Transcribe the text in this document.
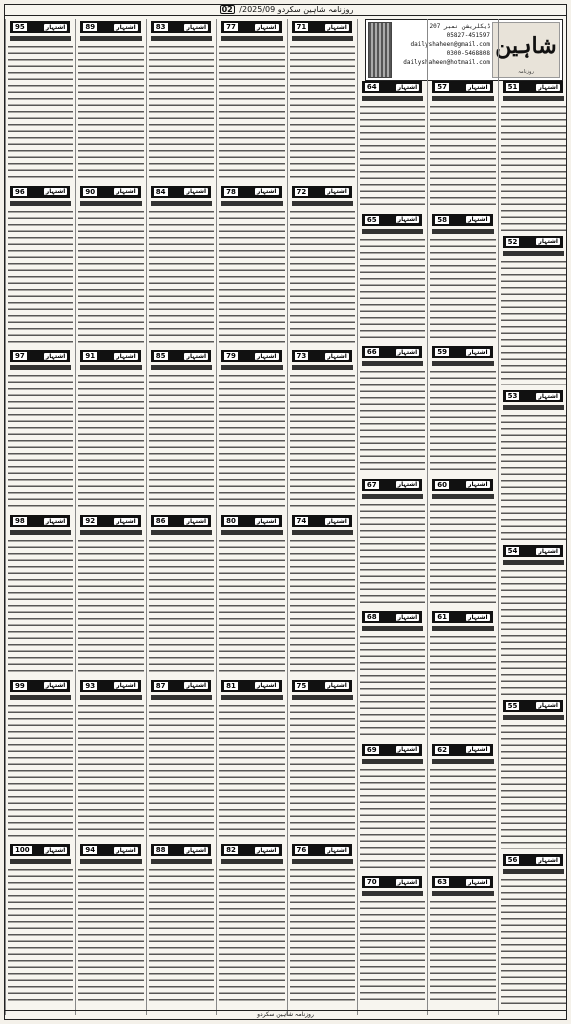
روزنامہ شاہین سکردو 2025/09/ 02
شاہین
روزنامہ
ڈیکلریشن نمبر 207
05827-451597
dailyshaheen@gmail.com
0300-5468808
dailyshaheen@hotmail.com
51	اشتہار
52	اشتہار
53	اشتہار
54	اشتہار
55	اشتہار
56	اشتہار
57	اشتہار
58	اشتہار
59	اشتہار
60	اشتہار
61	اشتہار
62	اشتہار
63	اشتہار
64	اشتہار
65	اشتہار
66	اشتہار
67	اشتہار
68	اشتہار
69	اشتہار
70	اشتہار
71	اشتہار
72	اشتہار
73	اشتہار
74	اشتہار
75	اشتہار
76	اشتہار
77	اشتہار
78	اشتہار
79	اشتہار
80	اشتہار
81	اشتہار
82	اشتہار
83	اشتہار
84	اشتہار
85	اشتہار
86	اشتہار
87	اشتہار
88	اشتہار
89	اشتہار
90	اشتہار
91	اشتہار
92	اشتہار
93	اشتہار
94	اشتہار
95	اشتہار
96	اشتہار
97	اشتہار
98	اشتہار
99	اشتہار
100	اشتہار
روزنامہ شاہین سکردو
